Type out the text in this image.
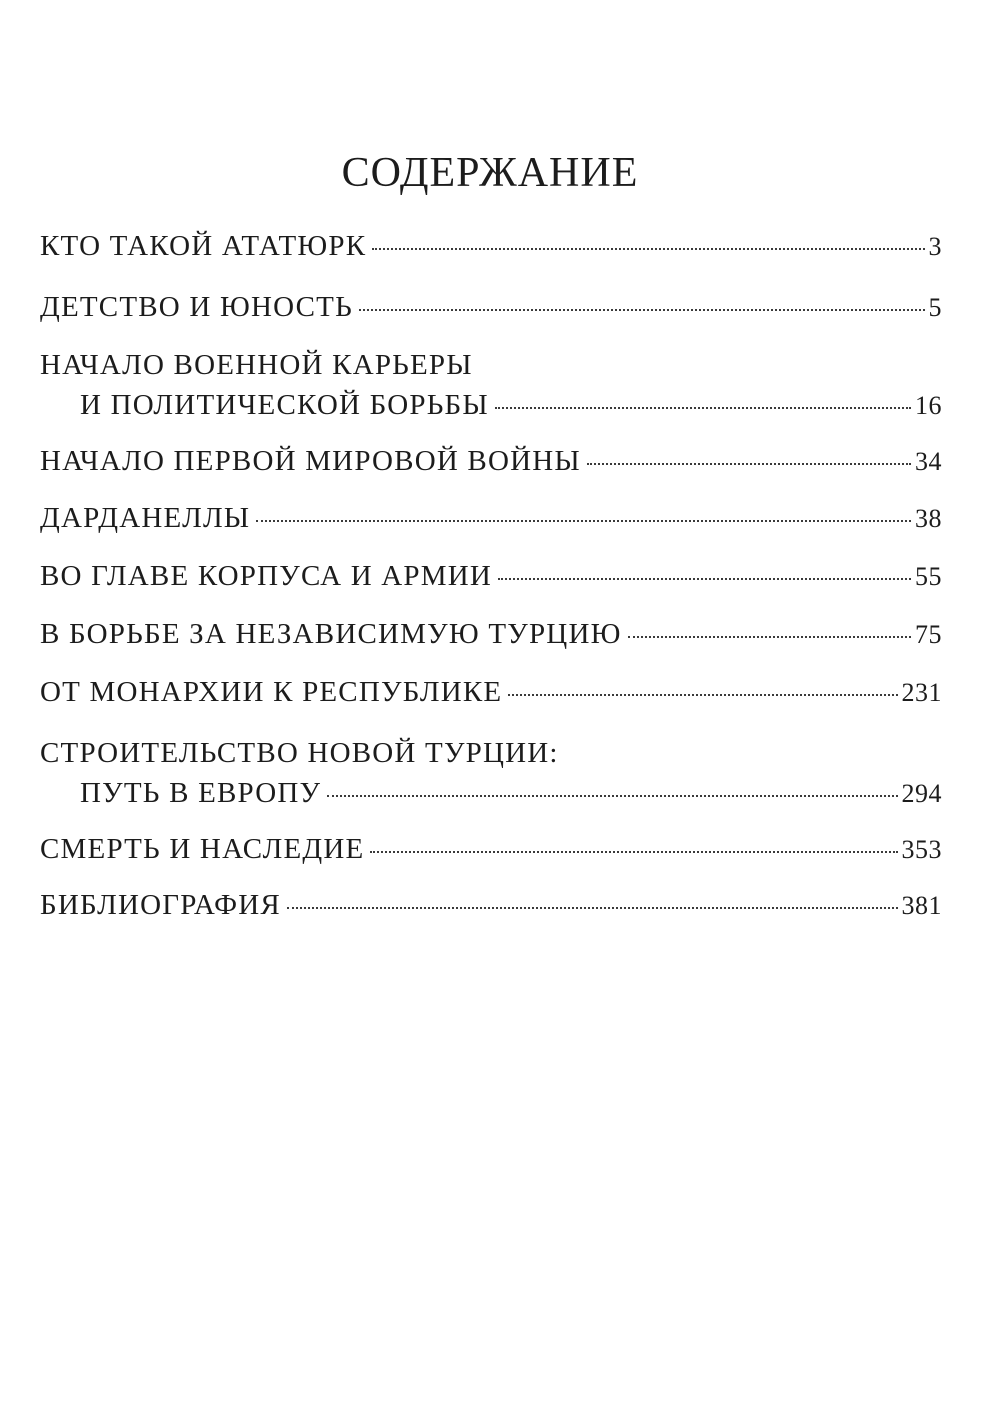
СОДЕРЖАНИЕ
КТО ТАКОЙ АТАТЮРК	3
ДЕТСТВО И ЮНОСТЬ	5
НАЧАЛО ВОЕННОЙ КАРЬЕРЫ
И ПОЛИТИЧЕСКОЙ БОРЬБЫ	16
НАЧАЛО ПЕРВОЙ МИРОВОЙ ВОЙНЫ	34
ДАРДАНЕЛЛЫ	38
ВО ГЛАВЕ КОРПУСА И АРМИИ	55
В БОРЬБЕ ЗА НЕЗАВИСИМУЮ ТУРЦИЮ	75
ОТ МОНАРХИИ К РЕСПУБЛИКЕ	231
СТРОИТЕЛЬСТВО НОВОЙ ТУРЦИИ:
ПУТЬ В ЕВРОПУ	294
СМЕРТЬ И НАСЛЕДИЕ	353
БИБЛИОГРАФИЯ	381
